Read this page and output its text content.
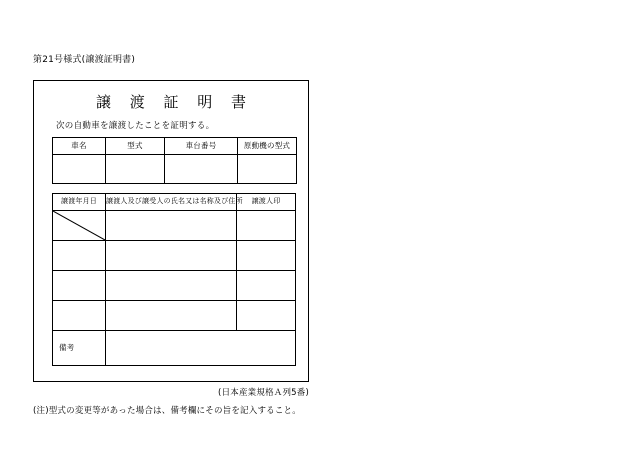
第21号様式(譲渡証明書)
譲 渡 証 明 書
次の自動車を譲渡したことを証明する。
車名	型式	車台番号	原動機の型式

譲渡年月日	譲渡人及び譲受人の氏名又は名称及び住所	譲渡人印

備考		
(日本産業規格Ａ列5番)
(注)型式の変更等があった場合は、備考欄にその旨を記入すること。
